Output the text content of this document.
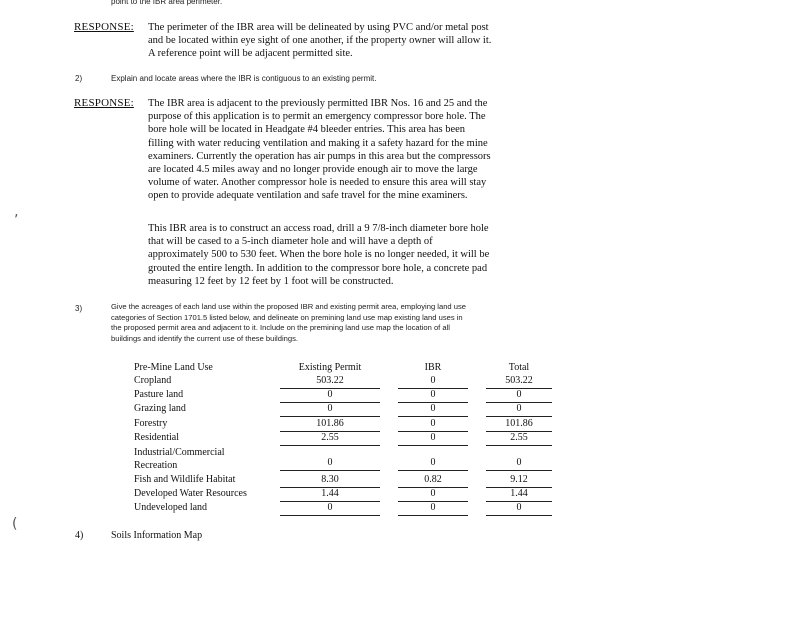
point to the IBR area perimeter.
RESPONSE: The perimeter of the IBR area will be delineated by using PVC and/or metal post
and be located within eye sight of one another, if the property owner will allow it.
A reference point will be adjacent permitted site.
2)	Explain and locate areas where the IBR is contiguous to an existing permit.
RESPONSE: The IBR area is adjacent to the previously permitted IBR Nos. 16 and 25 and the
purpose of this application is to permit an emergency compressor bore hole. The
bore hole will be located in Headgate #4 bleeder entries. This area has been
filling with water reducing ventilation and making it a safety hazard for the mine
examiners. Currently the operation has air pumps in this area but the compressors
are located 4.5 miles away and no longer provide enough air to move the large
volume of water. Another compressor hole is needed to ensure this area will stay
open to provide adequate ventilation and safe travel for the mine examiners.
This IBR area is to construct an access road, drill a 9 7/8-inch diameter bore hole
that will be cased to a 5-inch diameter hole and will have a depth of
approximately 500 to 530 feet. When the bore hole is no longer needed, it will be
grouted the entire length. In addition to the compressor bore hole, a concrete pad
measuring 12 feet by 12 feet by 1 foot will be constructed.
‚
(
3)	Give the acreages of each land use within the proposed IBR and existing permit area, employing land use
categories of Section 1701.5 listed below, and delineate on premining land use map existing land uses in
the proposed permit area and adjacent to it. Include on the premining land use map the location of all
buildings and identify the current use of these buildings.
Pre-Mine Land Use	Existing Permit	IBR	Total
Cropland	503.22	0	503.22
Pasture land	0	0	0
Grazing land	0	0	0
Forestry	101.86	0	101.86
Residential	2.55	0	2.55
Industrial/Commercial
Recreation	0	0	0
Fish and Wildlife Habitat	8.30	0.82	9.12
Developed Water Resources	1.44	0	1.44
Undeveloped land	0	0	0
4)	Soils Information Map
